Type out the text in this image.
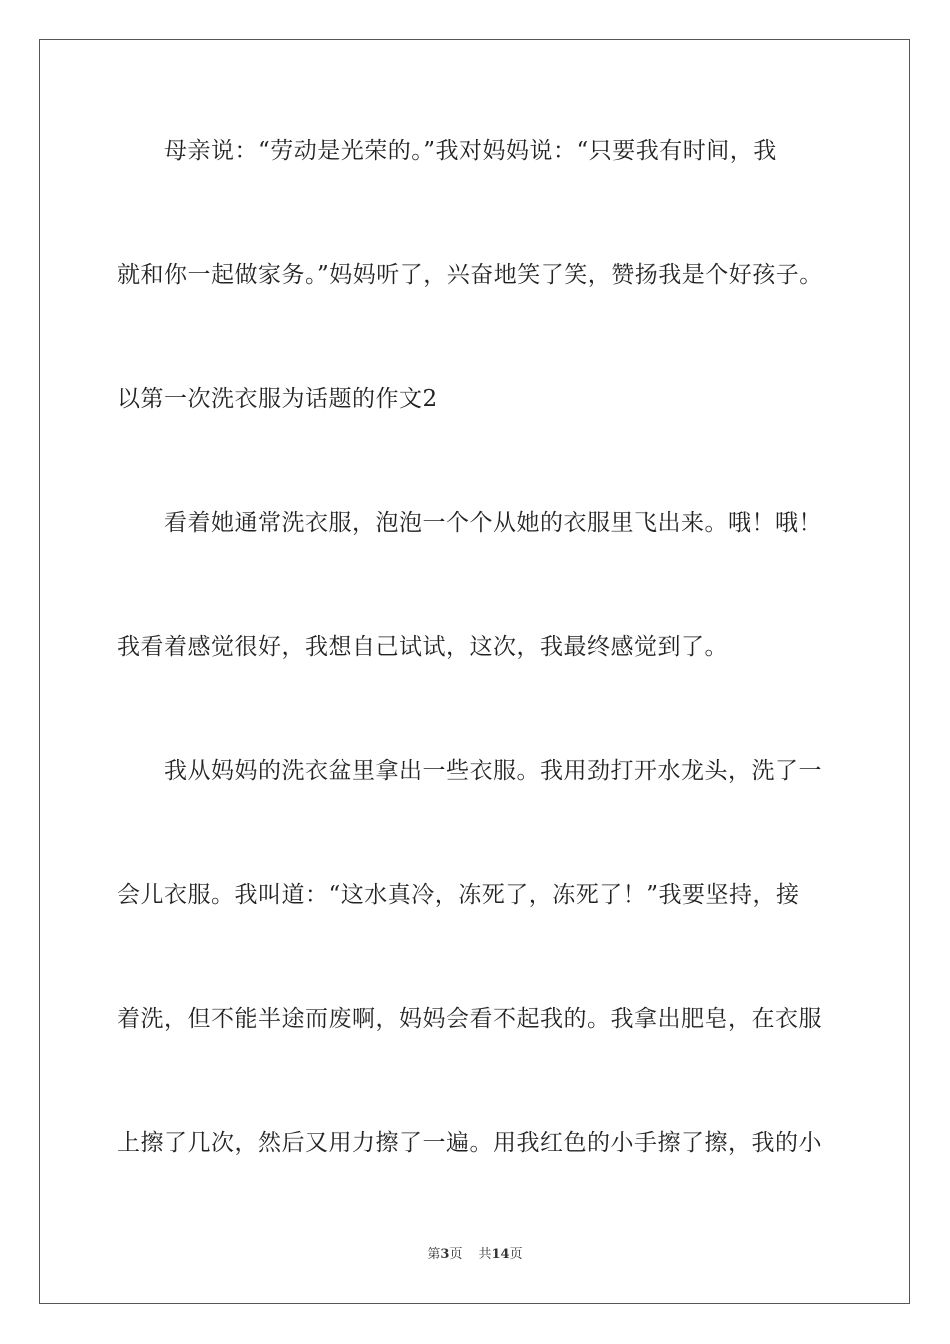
母亲说：“劳动是光荣的。”我对妈妈说：“只要我有时间，我
就和你一起做家务。”妈妈听了，兴奋地笑了笑，赞扬我是个好孩子。
以第一次洗衣服为话题的作文2
看着她通常洗衣服，泡泡一个个从她的衣服里飞出来。哦！哦！
我看着感觉很好，我想自己试试，这次，我最终感觉到了。
我从妈妈的洗衣盆里拿出一些衣服。我用劲打开水龙头，洗了一
会儿衣服。我叫道：“这水真冷，冻死了，冻死了！”我要坚持，接
着洗，但不能半途而废啊，妈妈会看不起我的。我拿出肥皂，在衣服
上擦了几次，然后又用力擦了一遍。用我红色的小手擦了擦，我的小
第3页 共14页
